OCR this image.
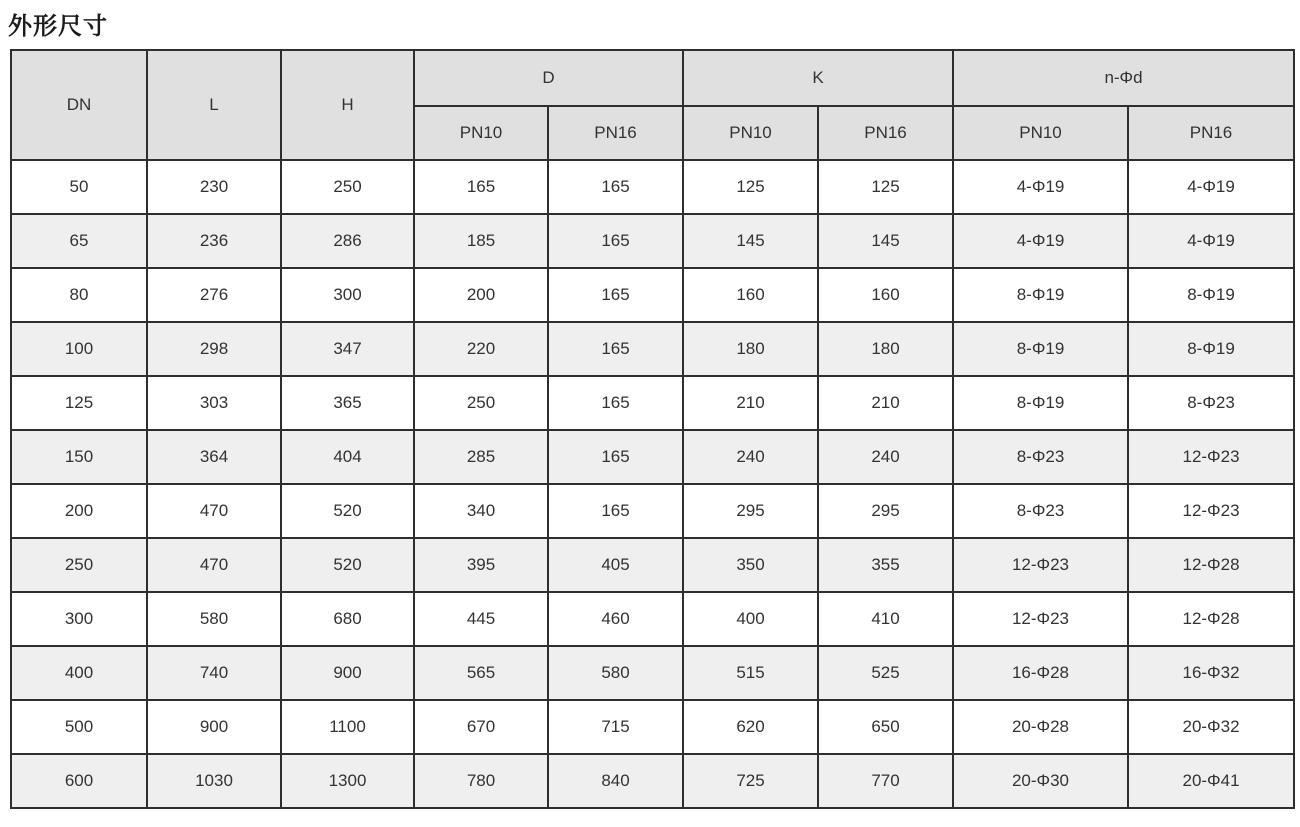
外形尺寸
DN	L	H	D		K		n-Φd	
			PN10	PN16	PN10	PN16	PN10	PN16
50	230	250	165	165	125	125	4-Φ19	4-Φ19
65	236	286	185	165	145	145	4-Φ19	4-Φ19
80	276	300	200	165	160	160	8-Φ19	8-Φ19
100	298	347	220	165	180	180	8-Φ19	8-Φ19
125	303	365	250	165	210	210	8-Φ19	8-Φ23
150	364	404	285	165	240	240	8-Φ23	12-Φ23
200	470	520	340	165	295	295	8-Φ23	12-Φ23
250	470	520	395	405	350	355	12-Φ23	12-Φ28
300	580	680	445	460	400	410	12-Φ23	12-Φ28
400	740	900	565	580	515	525	16-Φ28	16-Φ32
500	900	1100	670	715	620	650	20-Φ28	20-Φ32
600	1030	1300	780	840	725	770	20-Φ30	20-Φ41
